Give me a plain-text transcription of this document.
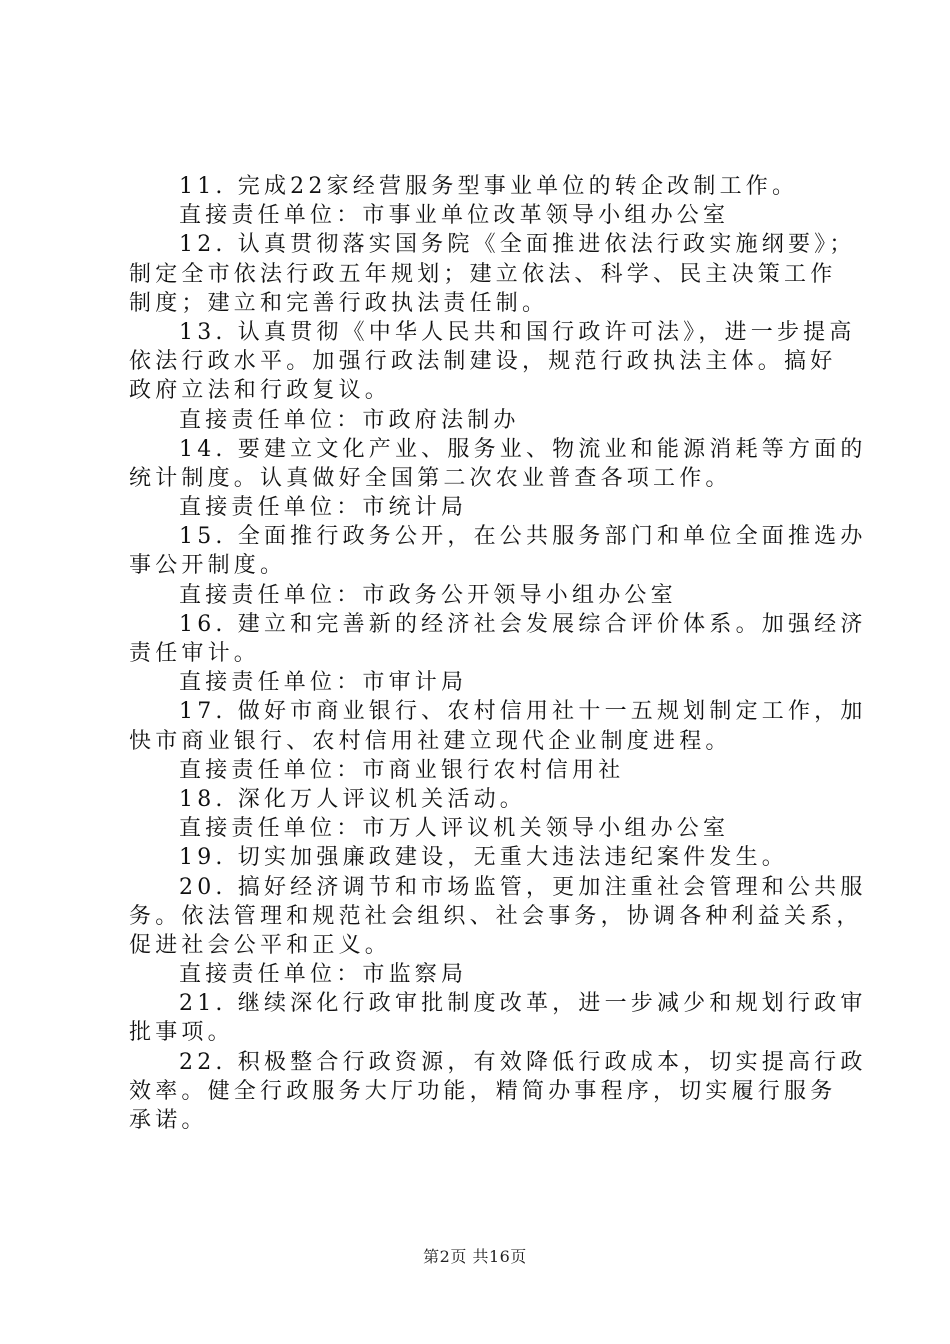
11. 完成22家经营服务型事业单位的转企改制工作。
直接责任单位：市事业单位改革领导小组办公室
12. 认真贯彻落实国务院《全面推进依法行政实施纲要》；
制定全市依法行政五年规划；建立依法、科学、民主决策工作
制度；建立和完善行政执法责任制。
13. 认真贯彻《中华人民共和国行政许可法》，进一步提高
依法行政水平。加强行政法制建设，规范行政执法主体。搞好
政府立法和行政复议。
直接责任单位：市政府法制办
14. 要建立文化产业、服务业、物流业和能源消耗等方面的
统计制度。认真做好全国第二次农业普查各项工作。
直接责任单位：市统计局
15. 全面推行政务公开，在公共服务部门和单位全面推选办
事公开制度。
直接责任单位：市政务公开领导小组办公室
16. 建立和完善新的经济社会发展综合评价体系。加强经济
责任审计。
直接责任单位：市审计局
17. 做好市商业银行、农村信用社十一五规划制定工作，加
快市商业银行、农村信用社建立现代企业制度进程。
直接责任单位：市商业银行农村信用社
18. 深化万人评议机关活动。
直接责任单位：市万人评议机关领导小组办公室
19. 切实加强廉政建设，无重大违法违纪案件发生。
20. 搞好经济调节和市场监管，更加注重社会管理和公共服
务。依法管理和规范社会组织、社会事务，协调各种利益关系，
促进社会公平和正义。
直接责任单位：市监察局
21. 继续深化行政审批制度改革，进一步减少和规划行政审
批事项。
22. 积极整合行政资源，有效降低行政成本，切实提高行政
效率。健全行政服务大厅功能，精简办事程序，切实履行服务
承诺。
第2页 共16页
